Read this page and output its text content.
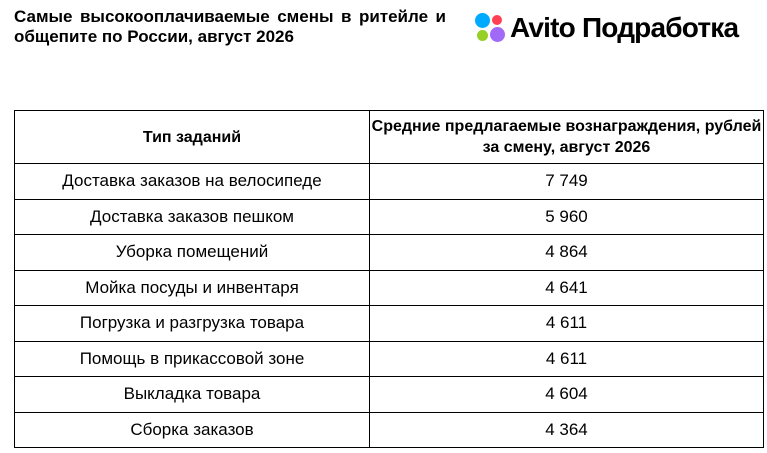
Самые высокооплачиваемые смены в ритейле и общепите по России, август 2026	Avito Подработка
Тип заданий	Средние предлагаемые вознаграждения, рублей за смену, август 2026
Доставка заказов на велосипеде	7 749
Доставка заказов пешком	5 960
Уборка помещений	4 864
Мойка посуды и инвентаря	4 641
Погрузка и разгрузка товара	4 611
Помощь в прикассовой зоне	4 611
Выкладка товара	4 604
Сборка заказов	4 364
